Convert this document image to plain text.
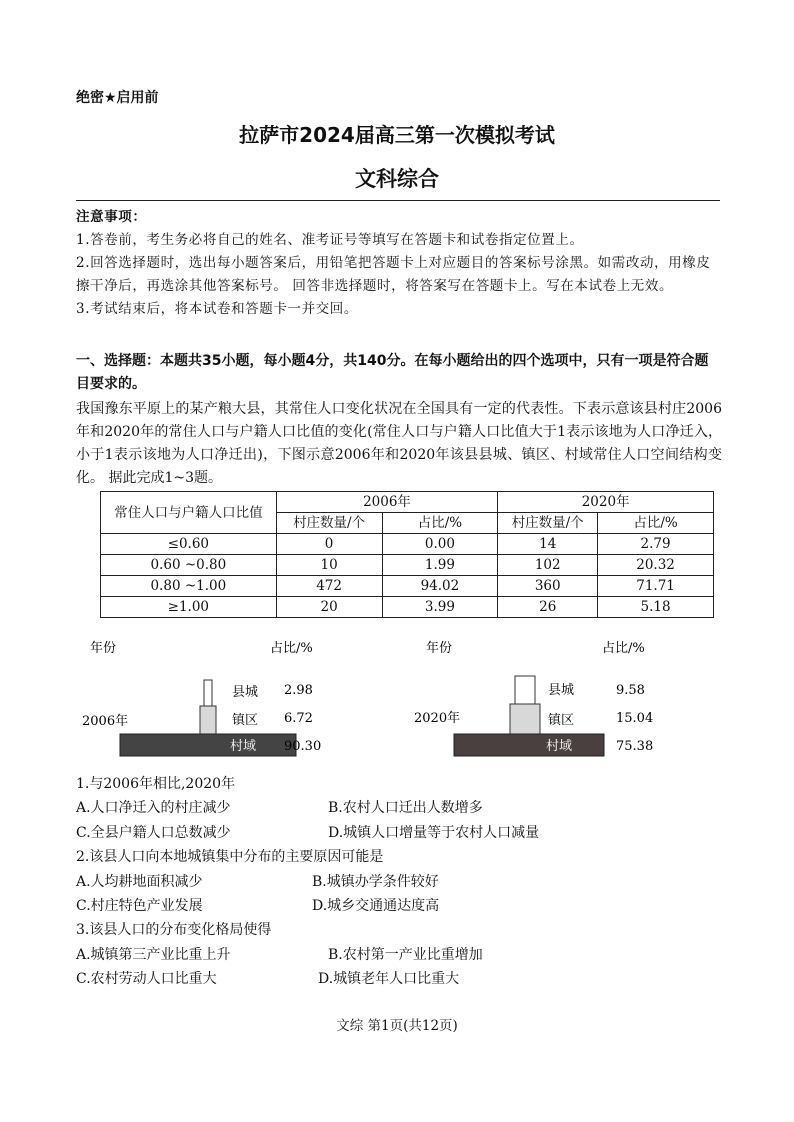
绝密★启用前
拉萨市2024届高三第一次模拟考试
文科综合
注意事项：
1.答卷前，考生务必将自己的姓名、准考证号等填写在答题卡和试卷指定位置上。
2.回答选择题时，选出每小题答案后，用铅笔把答题卡上对应题目的答案标号涂黑。如需改动，用橡皮擦干净后，再选涂其他答案标号。 回答非选择题时，将答案写在答题卡上。写在本试卷上无效。
3.考试结束后，将本试卷和答题卡一并交回。
一、选择题：本题共35小题，每小题4分，共140分。在每小题给出的四个选项中，只有一项是符合题目要求的。
我国豫东平原上的某产粮大县，其常住人口变化状况在全国具有一定的代表性。下表示意该县村庄2006年和2020年的常住人口与户籍人口比值的变化(常住人口与户籍人口比值大于1表示该地为人口净迁入，小于1表示该地为人口净迁出)，下图示意2006年和2020年该县县城、镇区、村域常住人口空间结构变化。 据此完成1~3题。
常住人口与户籍人口比值	2006年		2020年	
	村庄数量/个	占比/%	村庄数量/个	占比/%
≤0.60	0	0.00	14	2.79
0.60 ~0.80	10	1.99	102	20.32
0.80 ~1.00	472	94.02	360	71.71
≥1.00	20	3.99	26	5.18
年份	占比/%
县城
镇区
村域
2006年
2.98
6.72
90.30
年份	占比/%
县城
镇区
村域
2020年
9.58
15.04
75.38
1.与2006年相比,2020年
A.人口净迁入的村庄减少	B.农村人口迁出人数增多
C.全县户籍人口总数减少	D.城镇人口增量等于农村人口减量
2.该县人口向本地城镇集中分布的主要原因可能是
A.人均耕地面积减少	B.城镇办学条件较好
C.村庄特色产业发展	D.城乡交通通达度高
3.该县人口的分布变化格局使得
A.城镇第三产业比重上升	B.农村第一产业比重增加
C.农村劳动人口比重大	D.城镇老年人口比重大
文综 第1页(共12页)
